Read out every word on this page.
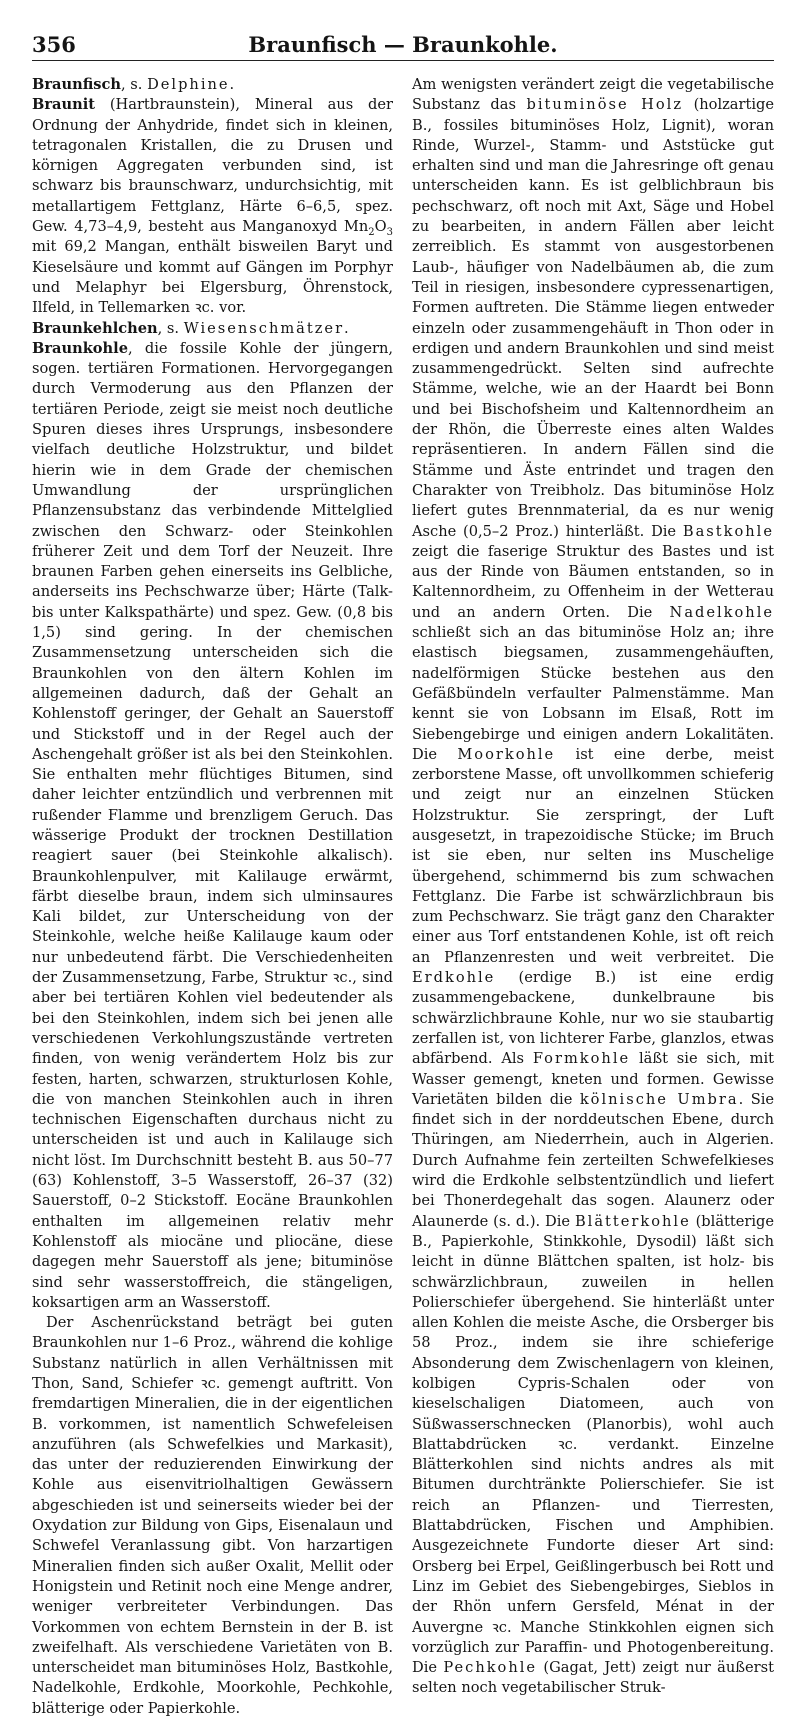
356	Braunfisch — Braunkohle.

Braunfisch, s. Delphine.

Braunit (Hartbraunstein), Mineral aus der Ordnung der Anhydride, findet sich in kleinen, tetragonalen Kristallen, die zu Drusen und körnigen Aggregaten verbunden sind, ist schwarz bis braunschwarz, undurchsichtig, mit metallartigem Fettglanz, Härte 6–6,5, spez. Gew. 4,73–4,9, besteht aus Manganoxyd $Mn_2O_3$ mit 69,2 Mangan, enthält bisweilen Baryt und Kieselsäure und kommt auf Gängen im Porphyr und Melaphyr bei Elgersburg, Öhrenstock, Ilfeld, in Tellemarken ꝛc. vor.

Braunkehlchen, s. Wiesenschmätzer.

Braunkohle, die fossile Kohle der jüngern, sogen. tertiären Formationen. Hervorgegangen durch Vermoderung aus den Pflanzen der tertiären Periode, zeigt sie meist noch deutliche Spuren dieses ihres Ursprungs, insbesondere vielfach deutliche Holzstruktur, und bildet hierin wie in dem Grade der chemischen Umwandlung der ursprünglichen Pflanzensubstanz das verbindende Mittelglied zwischen den Schwarz- oder Steinkohlen früherer Zeit und dem Torf der Neuzeit. Ihre braunen Farben gehen einerseits ins Gelbliche, anderseits ins Pechschwarze über; Härte (Talk- bis unter Kalkspathärte) und spez. Gew. (0,8 bis 1,5) sind gering. In der chemischen Zusammensetzung unterscheiden sich die Braunkohlen von den ältern Kohlen im allgemeinen dadurch, daß der Gehalt an Kohlenstoff geringer, der Gehalt an Sauerstoff und Stickstoff und in der Regel auch der Aschengehalt größer ist als bei den Steinkohlen. Sie enthalten mehr flüchtiges Bitumen, sind daher leichter entzündlich und verbrennen mit rußender Flamme und brenzligem Geruch. Das wässerige Produkt der trocknen Destillation reagiert sauer (bei Steinkohle alkalisch). Braunkohlenpulver, mit Kalilauge erwärmt, färbt dieselbe braun, indem sich ulminsaures Kali bildet, zur Unterscheidung von der Steinkohle, welche heiße Kalilauge kaum oder nur unbedeutend färbt. Die Verschiedenheiten der Zusammensetzung, Farbe, Struktur ꝛc., sind aber bei tertiären Kohlen viel bedeutender als bei den Steinkohlen, indem sich bei jenen alle verschiedenen Verkohlungszustände vertreten finden, von wenig verändertem Holz bis zur festen, harten, schwarzen, strukturlosen Kohle, die von manchen Steinkohlen auch in ihren technischen Eigenschaften durchaus nicht zu unterscheiden ist und auch in Kalilauge sich nicht löst. Im Durchschnitt besteht B. aus 50–77 (63) Kohlenstoff, 3–5 Wasserstoff, 26–37 (32) Sauerstoff, 0–2 Stickstoff. Eocäne Braunkohlen enthalten im allgemeinen relativ mehr Kohlenstoff als miocäne und pliocäne, diese dagegen mehr Sauerstoff als jene; bituminöse sind sehr wasserstoffreich, die stängeligen, koksartigen arm an Wasserstoff.

Der Aschenrückstand beträgt bei guten Braunkohlen nur 1–6 Proz., während die kohlige Substanz natürlich in allen Verhältnissen mit Thon, Sand, Schiefer ꝛc. gemengt auftritt. Von fremdartigen Mineralien, die in der eigentlichen B. vorkommen, ist namentlich Schwefeleisen anzuführen (als Schwefelkies und Markasit), das unter der reduzierenden Einwirkung der Kohle aus eisenvitriolhaltigen Gewässern abgeschieden ist und seinerseits wieder bei der Oxydation zur Bildung von Gips, Eisenalaun und Schwefel Veranlassung gibt. Von harzartigen Mineralien finden sich außer Oxalit, Mellit oder Honigstein und Retinit noch eine Menge andrer, weniger verbreiteter Verbindungen. Das Vorkommen von echtem Bernstein in der B. ist zweifelhaft. Als verschiedene Varietäten von B. unterscheidet man bituminöses Holz, Bastkohle, Nadelkohle, Erdkohle, Moorkohle, Pechkohle, blätterige oder Papierkohle.

Am wenigsten verändert zeigt die vegetabilische Substanz das bituminöse Holz (holzartige B., fossiles bituminöses Holz, Lignit), woran Rinde, Wurzel-, Stamm- und Aststücke gut erhalten sind und man die Jahresringe oft genau unterscheiden kann. Es ist gelblichbraun bis pechschwarz, oft noch mit Axt, Säge und Hobel zu bearbeiten, in andern Fällen aber leicht zerreiblich. Es stammt von ausgestorbenen Laub-, häufiger von Nadelbäumen ab, die zum Teil in riesigen, insbesondere cypressenartigen, Formen auftreten. Die Stämme liegen entweder einzeln oder zusammengehäuft in Thon oder in erdigen und andern Braunkohlen und sind meist zusammengedrückt. Selten sind aufrechte Stämme, welche, wie an der Haardt bei Bonn und bei Bischofsheim und Kaltennordheim an der Rhön, die Überreste eines alten Waldes repräsentieren. In andern Fällen sind die Stämme und Äste entrindet und tragen den Charakter von Treibholz. Das bituminöse Holz liefert gutes Brennmaterial, da es nur wenig Asche (0,5–2 Proz.) hinterläßt. Die Bastkohle zeigt die faserige Struktur des Bastes und ist aus der Rinde von Bäumen entstanden, so in Kaltennordheim, zu Offenheim in der Wetterau und an andern Orten. Die Nadelkohle schließt sich an das bituminöse Holz an; ihre elastisch biegsamen, zusammengehäuften, nadelförmigen Stücke bestehen aus den Gefäßbündeln verfaulter Palmenstämme. Man kennt sie von Lobsann im Elsaß, Rott im Siebengebirge und einigen andern Lokalitäten. Die Moorkohle ist eine derbe, meist zerborstene Masse, oft unvollkommen schieferig und zeigt nur an einzelnen Stücken Holzstruktur. Sie zerspringt, der Luft ausgesetzt, in trapezoidische Stücke; im Bruch ist sie eben, nur selten ins Muschelige übergehend, schimmernd bis zum schwachen Fettglanz. Die Farbe ist schwärzlichbraun bis zum Pechschwarz. Sie trägt ganz den Charakter einer aus Torf entstandenen Kohle, ist oft reich an Pflanzenresten und weit verbreitet. Die Erdkohle (erdige B.) ist eine erdig zusammengebackene, dunkelbraune bis schwärzlichbraune Kohle, nur wo sie staubartig zerfallen ist, von lichterer Farbe, glanzlos, etwas abfärbend. Als Formkohle läßt sie sich, mit Wasser gemengt, kneten und formen. Gewisse Varietäten bilden die kölnische Umbra. Sie findet sich in der norddeutschen Ebene, durch Thüringen, am Niederrhein, auch in Algerien. Durch Aufnahme fein zerteilten Schwefelkieses wird die Erdkohle selbstentzündlich und liefert bei Thonerdegehalt das sogen. Alaunerz oder Alaunerde (s. d.). Die Blätterkohle (blätterige B., Papierkohle, Stinkkohle, Dysodil) läßt sich leicht in dünne Blättchen spalten, ist holz- bis schwärzlichbraun, zuweilen in hellen Polierschiefer übergehend. Sie hinterläßt unter allen Kohlen die meiste Asche, die Orsberger bis 58 Proz., indem sie ihre schieferige Absonderung dem Zwischenlagern von kleinen, kolbigen Cypris-Schalen oder von kieselschaligen Diatomeen, auch von Süßwasserschnecken (Planorbis), wohl auch Blattabdrücken ꝛc. verdankt. Einzelne Blätterkohlen sind nichts andres als mit Bitumen durchtränkte Polierschiefer. Sie ist reich an Pflanzen- und Tierresten, Blattabdrücken, Fischen und Amphibien. Ausgezeichnete Fundorte dieser Art sind: Orsberg bei Erpel, Geißlingerbusch bei Rott und Linz im Gebiet des Siebengebirges, Sieblos in der Rhön unfern Gersfeld, Ménat in der Auvergne ꝛc. Manche Stinkkohlen eignen sich vorzüglich zur Paraffin- und Photogenbereitung. Die Pechkohle (Gagat, Jett) zeigt nur äußerst selten noch vegetabilischer Struk-
